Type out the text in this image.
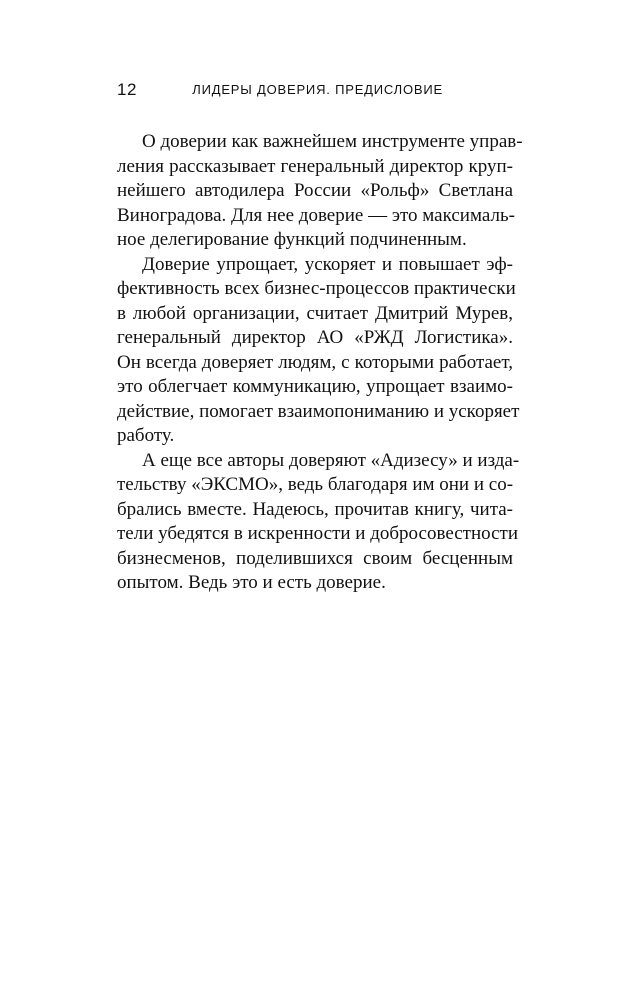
12	ЛИДЕРЫ ДОВЕРИЯ. ПРЕДИСЛОВИЕ
О доверии как важнейшем инструменте управ-
ления рассказывает генеральный директор круп-
нейшего автодилера России «Рольф» Светлана
Виноградова. Для нее доверие — это максималь-
ное делегирование функций подчиненным.
Доверие упрощает, ускоряет и повышает эф-
фективность всех бизнес-процессов практически
в любой организации, считает Дмитрий Мурев,
генеральный директор АО «РЖД Логистика».
Он всегда доверяет людям, с которыми работает,
это облегчает коммуникацию, упрощает взаимо-
действие, помогает взаимопониманию и ускоряет
работу.
А еще все авторы доверяют «Адизесу» и изда-
тельству «ЭКСМО», ведь благодаря им они и со-
брались вместе. Надеюсь, прочитав книгу, чита-
тели убедятся в искренности и добросовестности
бизнесменов, поделившихся своим бесценным
опытом. Ведь это и есть доверие.
